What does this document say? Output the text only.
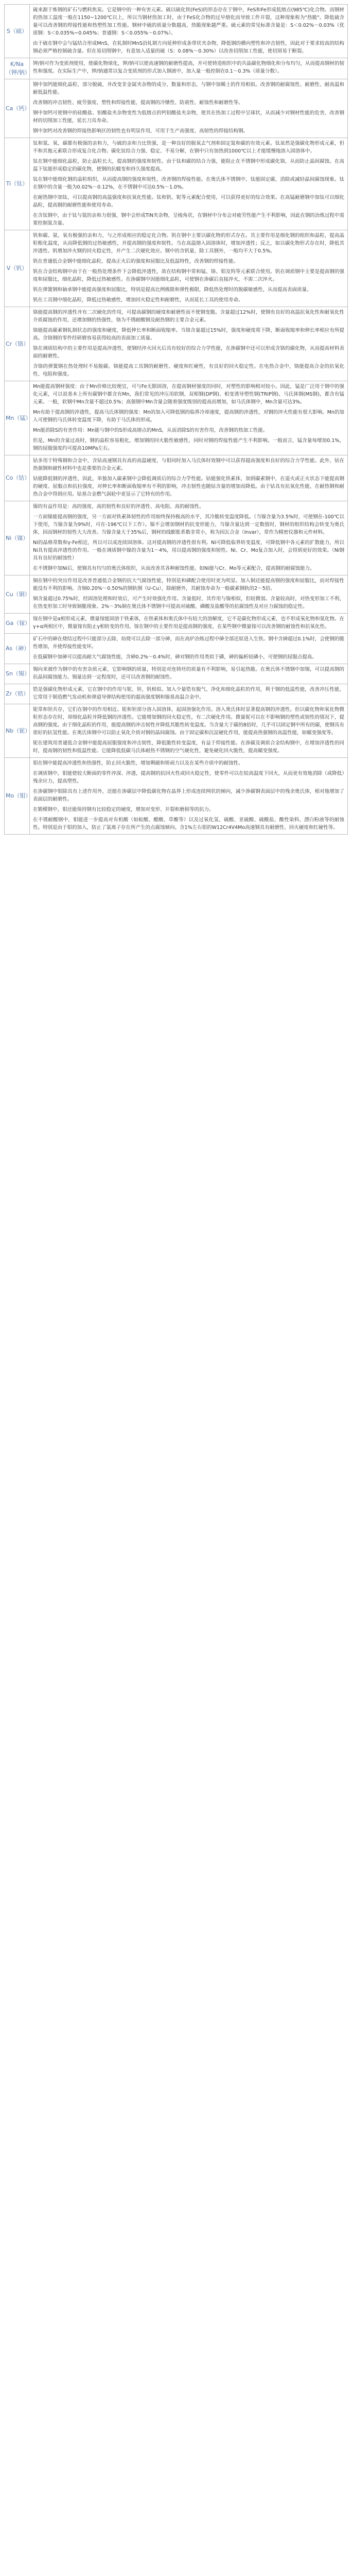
S（硫）	硫来源于炼钢的矿石与燃料焦炭。它是钢中的一种有害元素。硫以硫化铁(FeS)的形态存在于钢中，FeS和Fe形成低熔点(985℃)化合物。而钢材的热加工温度一般在1150~1200℃以上，所以当钢材热加工时，由于FeS化合物的过早熔化而导致工件开裂，这种现象称为"热脆"。降低硫含量可以改善钢的焊接性能和热塑性加工性能。钢材中硫的质量分数越高，热脆现象越严重。硫元素的常见标准含量是：S＜0.02%～0.03%（优质钢：S＜0.035%~0.045%；普通钢：S＜0.055%～0.07%）。

由于硫在钢中会与锰结合形成MnS，在轧制时MnS沿轧制方向延伸形成条带状夹杂物，降低钢的横向塑性和冲击韧性，因此对于要求较高的结构钢必须严格控制硫含量。但在易切削钢中，有意加入适量的硫（S：0.08%～0.30%）以改善切削加工性能，使切屑易于断裂。

K/Na（钾/钠）	钾/钠可作为变质剂使用，使碳化物球化，钾/钠可以使高速钢的耐磨性提高，并可使铸造组织中的共晶碳化物细化和分布均匀，从而提高钢材的韧性和强度。在实际生产中，钾/钠通常以复合变质剂的形式加入钢液中，加入量一般控制在0.1～0.3%（质量分数）。

Ca（钙）	钢中加钙能细化晶粒，部分脱硫，并改变非金属夹杂物的成分、数量和形态，与钢中加稀土的作用相似。改善钢的耐腐蚀性、耐磨性、耐高温和耐低温性能。

改善钢的冲击韧性、疲劳强度、塑性和焊接性能，提高钢的冷镦性、防震性、耐蚀性和耐磨性等。

钢中加钙可使钢中的硅酸盐、铝酸盐夹杂物变性为低熔点的钙铝酸盐夹杂物，使其在热加工过程中呈球状，从而减少对钢材性能的危害，改善钢材的切削加工性能，延长刀具寿命。

钢中加钙对改善钢的焊接热影响区的韧性也有明显作用，可用于生产高强度、高韧性的焊接结构钢。

Ti（钛）	钛和氮、氧、碳都有极强的亲和力，与硫的亲和力比铁强，是一种良好的脱氧去气剂和固定氮和碳的有效元素。钛虽然是强碳化物形成元素，但不和其他元素联合形成复合化合物。碳化钛结合力强、稳定、不易分解，在钢中只有加热到1000℃以上才能缓慢地溶入固溶体中。

钛在钢中能细化晶粒，防止晶粒长大，提高钢的强度和韧性。由于钛和碳的结合力强，能阻止在不锈钢中形成碳化铬，从而防止晶间腐蚀。在高温下钛能形成稳定的碳化物，使钢的抗蠕变和持久强度提高。

钛在钢中能细化钢的晶粒组织，从而提高钢的强度和韧性，改善钢的焊接性能。在奥氏体不锈钢中，钛能固定碳，消除或减轻晶间腐蚀现象。钛在钢中的含量一般为0.02%～0.12%，在不锈钢中可达0.5%～1.0%。

在耐热钢中加钛，可以提高钢的高温强度和抗氧化性能。钛和钒、铌等元素配合使用，可以获得更好的综合效果。在高锰耐磨钢中加钛可以细化晶粒，提高钢的耐磨性能和使用寿命。

在含钛钢中，由于钛与氮的亲和力很强，钢中会形成TiN夹杂物，呈棱角状，在钢材中分布会对疲劳性能产生不利影响，因此在钢的冶炼过程中需要控制氮含量。

V（钒）	钒和碳、氨、氧有极强的亲和力，与之形成相应的稳定化合物。钒在钢中主要以碳化物的形式存在。其主要作用是细化钢的组织和晶粒，提高晶粒粗化温度，从而降低钢的过热敏感性，并提高钢的强度和韧性。当在高温熔入固溶体时，增加淬透性；反之，如以碳化物形式存在时，降低其淬透性。钒增加淬火钢的回火稳定性，并产生二次硬化效应。钢中的含钒量，除工具钢外，一般均不大于0.5%。

钒在普通低合金钢中能细化晶粒，提高正火后的强度和屈服比及低温特性，改善钢的焊接性能。

钒在合金结构钢中由于在一般热处理条件下会降低淬透性，故在结构钢中常和锰、铬、钼及钨等元素联合使用。钒在调质钢中主要是提高钢的强度和屈服比，细化晶粒，降低过热敏感性。在渗碳钢中因能细化晶粒，可使钢在渗碳后直接淬火，不需二次淬火。

钒在弹簧钢和轴承钢中能提高强度和屈服比，特别是提高比例极限和弹性极限，降低热处理时的脱碳敏感性，从而提高表面质量。

钒在工具钢中细化晶粒，降低过热敏感性，增加回火稳定性和耐磨性，从而延长工具的使用寿命。

Cr（铬）	铬能提高钢的淬透性并有二次硬化的作用，可提高碳钢的硬度和耐磨性而不使钢变脆。含量超过12%时，使钢有良好的高温抗氧化性和耐氧化性介质腐蚀的作用，还增加钢的热强性，铬为不锈耐酸钢及耐热钢的主要合金元素。

铬能提高碳素钢轧制状态的强度和硬度，降低伸长率和断面收缩率。当铬含量超过15%时，强度和硬度将下降，断面收缩率和伸长率相应有所提高。含铬钢的零件经研磨容易获得较高的表面加工质量。

铬在调质结构中的主要作用是提高淬透性，使钢经淬火回火后具有较好的综合力学性能，在渗碳钢中还可以形成含铬的碳化物，从而提高材料表面的耐磨性。

含铬的弹簧钢在热处理时不易脱碳。铬能提高工具钢的耐磨性、硬度和红硬性，有良好的回火稳定性。在电热合金中，铬能提高合金的抗氧化性、电阻和强度。

Mn（锰）	Mn能提高钢材强度：由于Mn价格比较便宜，可与Fe无限固溶，在提高钢材强度的同时，对塑性的影响相对较小。因此，锰是广泛用于钢中的强化元素，可以说基本上所有碳钢中都含有Mn，我们常见的冲压用软钢、双相钢(DP钢)、相变诱导塑性钢(TRIP钢)、马氏体钢(MS钢)，都含有锰元素。一般，软钢中Mn含量不超过0.5%；高强钢中Mn含量会随着强度级别的提高而增加，如马氏体钢中，Mn含量可达3%。

Mn有助于提高钢的淬透性，提高马氏体钢的强度：Mn的加入可降低钢的临界冷却速度，提高钢的淬透性，对钢的淬火性能有很大影响。Mn的加入可使钢的马氏体转变温度下降，有助于马氏体的形成。

Mn能消除S的有害作用：Mn能与钢中的S形成高熔点的MnS，从而消除S的有害作用，改善钢的热加工性能。

但是，Mn的含量过高时，钢的晶粒容易粗化，增加钢的回火脆性敏感性，同时对钢的焊接性能产生不利影响。一般而言，锰含量每增加0.1%，钢的屈服强度约可提高10MPa左右。

Co（钴）	钴多用于特殊钢和合金中，含钴高速钢具有高的高温硬度，与钼同时加入马氏体时效钢中可以获得超高强度和良好的综合力学性能。此外，钴在热强钢和磁性材料中也是重要的合金元素。

钴能降低钢的淬透性，因此，单独加入碳素钢中会降低调质后的综合力学性能。钴能强化铁素体，加到碳素钢中，在退火或正火状态下能提高钢的硬度、屈服点和抗拉强度，对伸长率和断面收缩率有不利的影响，冲击韧性也随钴含量的增加而降低。由于钴具有抗氧化性能，在耐热钢和耐热合金中得到应用。钴基合金燃气涡轮中更显示了它特有的作用。

Ni（镍）	镍的有益作用是：高的强度、高的韧性和良好的淬透性、高电阻、高的耐蚀性。

一方面镍能提高钢的强度，另一方面对铁素体韧性的作用始终保持极高的水平，其冷脆转变温度降低。（当镍含量为3.5%时，可使钢在-100℃以下使用，当镍含量为9%时，可在-196℃以下工作）。镍不会增加钢材的抗变形能力，当镍含量达到一定数值时，钢材的组织结构会转变为奥氏体，因而钢材的韧性大大改善。当镍含量大于35%后，钢材的线膨胀系数非常小，称为因瓦合金（Invar），常作为精密仪器和元件材料。

Ni的晶格常数和γ-Fe相近，所以可以成连续固溶体。这对提高钢的淬透性很有利。Ni可降低临界转变温度，可降低钢中各元素的扩散能力，所以Ni具有提高淬透性的作用。一般在调质钢中镍的含量为1～4%，用以提高钢的强度和韧性。Ni、Cr、Mo复合加入时，会得到更好的效果。（Ni钢具有良好的耐蚀性）

在不锈钢中加Ni后，使钢具有均匀的奥氏体组织，从而改善其各种耐蚀性能。如Ni能与Cr、Mo等元素配合，提高钢的耐腐蚀能力。

Cu（铜）	铜在钢中的突出作用是改善普通低合金钢的抗大气腐蚀性能，特别是和磷配合使用时更为明显。加入铜还能提高钢的强度和屈服比，而对焊接性能没有不利的影响。含铜0.20%～0.50%的钢轨钢（U-Cu），除耐磨外，其耐蚀寿命为一般碳素钢轨的2～5倍。

铜含量超过0.75%时，经固溶处理和时效后，可产生时效强化作用。含量低时，其作用与镍相似，但较微弱。含量较高时，对热变形加工不利，在热变形加工时导致铜脆现象。2%～3%铜在奥氏体不锈钢中可提高对硫酸、磷酸及盐酸等的抗腐蚀性及对应力腐蚀的稳定性。

Ga（镓）	镓在钢中是α相形成元素，微量镓能固溶于铁素体，在铁素体和奥氏体中有较大的溶解度，它不是碳化物形成元素，也不形成氧化物和氮化物。在γ+α两相区中，微量镓有阻止γ相转变的作用。镓在钢中的主要作用是提高钢的强度，在某些钢中微量镓可以改善钢的耐蚀性和抗氧化性。

As（砷）	矿石中的砷在烧结过程中只能部分去除，焙烧可以去除一部分砷，而在高炉冶炼过程中砷全部还原进入生铁。钢中含砷超过0.1%时，会使钢的脆性增加，并使焊接性能变坏。

在低碳钢中加砷可以提高耐大气腐蚀性能，含砷0.2%～0.4%时，砷对钢的作用类似于磷，砷的偏析较磷小，可使钢的屈服点提高。

Sn（锡）	锡向来被作为钢中的有害杂质元素，它影响钢的质量，特别是对连铸坯的质量有不利影响，易引起热脆。在奥氏体不锈钢中加锡，可以提高钢的抗晶间腐蚀能力。锡量达到一定程度时，还可以改善钢的耐蚀性。

Zr（锆）	锆是强碳化物形成元素，它在钢中的作用与铌、钽、钒相似。加入少量锆有脱气、净化和细化晶粒的作用，利于钢的低温性能，改善冲压性能，它常用于制造燃气发动机和弹道导弹结构使用的超高强度钢和镍基高温合金中。

Nb（铌）	铌常和钽共存，它们在钢中的作用相近。铌和钽部分溶入固溶体，起固溶强化作用。溶入奥氏体时显著提高钢的淬透性。但以碳化物和氧化物微粒形态存在时，却细化晶粒并降低钢的淬透性。它能增加钢的回火稳定性，有二次硬化作用。微量铌可以在不影响钢的塑性或韧性的情况下，提高钢的强度。由于细化晶粒的作用，能提高钢的冲击韧性并降低其脆性转变温度。当含量大于碳的8倍时，几乎可以固定钢中所有的碳，使钢具有很好的抗氢性能。在奥氏体钢中可以防止氧化介质对钢的晶间腐蚀。由于固定碳和沉淀硬化作用，能提高热强钢的高温性能，如蠕变强度等。

铌在建筑用普通低合金钢中能提高屈服强度和冲击韧性，降低脆性转变温度，有益于焊接性能。在渗碳及调质合金结构钢中，在增加淬透性的同时，提高钢的韧性和低温性能。它能降低低碳马氏体耐热不锈钢的空气硬化性，避免硬化回火脆性，提高蠕变强度。

Mo（钼）	钼在钢中能提高淬透性和热强性，防止回火脆性，增加剩磁和矫顽力以及在某些介质中的耐蚀性。

在调质钢中，钼能使较大断面的零件淬深、淬透，提高钢的抗回火性或回火稳定性，使零件可以在较高温度下回火，从而更有效地消除（或降低）残余应力，提高塑性。

在渗碳钢中钼除具有上述作用外，还能在渗碳层中降低碳化物在晶界上形成连续网状的倾向，减少渗碳钢表面层中的残余奥氏体，相对地增加了表面层的耐磨性。

在锻模钢中，钼还能保持钢有比较稳定的硬度，增加对变形、开裂和磨损等的抗力。

在不锈耐酸钢中，钼能进一步提高对有机酸（如蚁酸、醋酸、草酸等）以及过氧化氢、硫酸、亚硫酸、硫酸盐、酸性染料、漂白粉液等的耐蚀性。特别是由于钼的加入，防止了氯离子存在所产生的点腐蚀倾向。含1%左右钼的W12Cr4V4Mo高速钢具有耐磨性、回火硬度和红硬性等。
